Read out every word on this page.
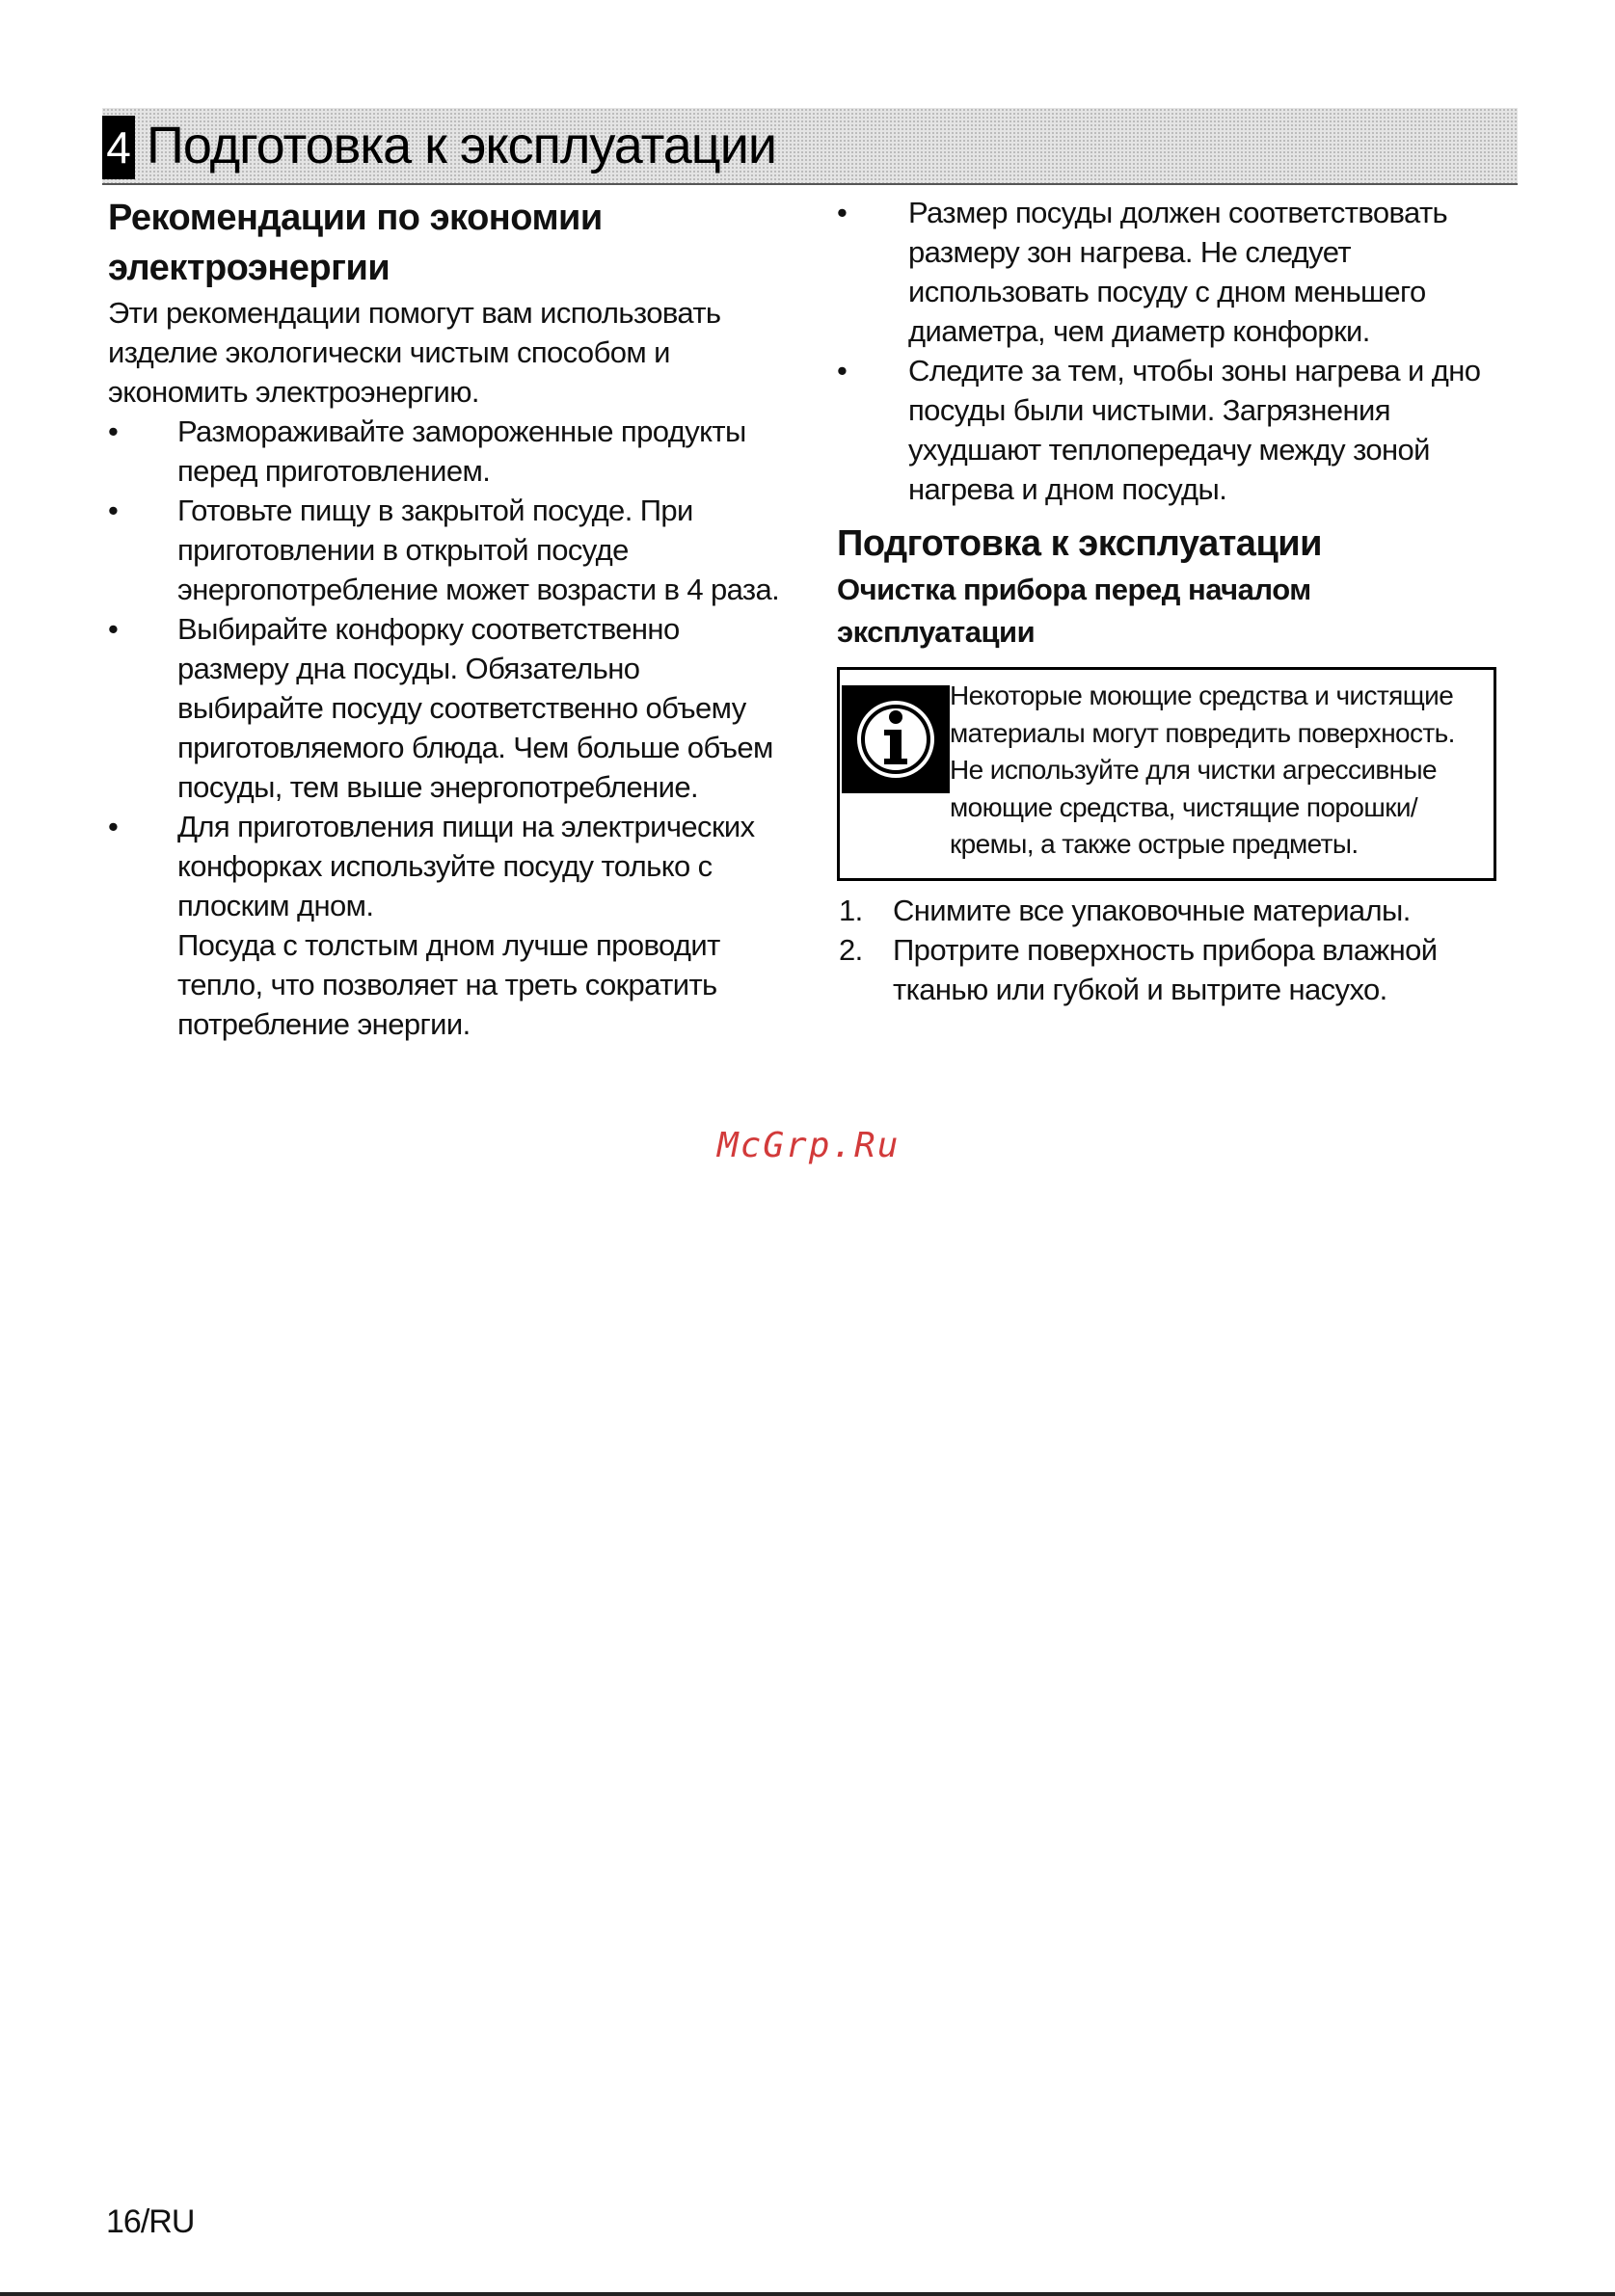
4 Подготовка к эксплуатации
Рекомендации по экономии
электроэнергии

Эти рекомендации помогут вам использовать изделие экологически чистым способом и экономить электроэнергию.

•	Размораживайте замороженные продукты перед приготовлением.
•	Готовьте пищу в закрытой посуде. При приготовлении в открытой посуде энергопотребление может возрасти в 4 раза.
•	Выбирайте конфорку соответственно размеру дна посуды. Обязательно выбирайте посуду соответственно объему приготовляемого блюда. Чем больше объем посуды, тем выше энергопотребление.
•	Для приготовления пищи на электрических конфорках используйте посуду только с плоским дном.
Посуда с толстым дном лучше проводит тепло, что позволяет на треть сократить потребление энергии.
•	Размер посуды должен соответствовать размеру зон нагрева. Не следует использовать посуду с дном меньшего диаметра, чем диаметр конфорки.
•	Следите за тем, чтобы зоны нагрева и дно посуды были чистыми. Загрязнения ухудшают теплопередачу между зоной нагрева и дном посуды.
Подготовка к эксплуатации
Очистка прибора перед началом эксплуатации
Некоторые моющие средства и чистящие материалы могут повредить поверхность. Не используйте для чистки агрессивные моющие средства, чистящие порошки/кремы, а также острые предметы.
1. Снимите все упаковочные материалы.
2. Протрите поверхность прибора влажной тканью или губкой и вытрите насухо.
McGrp.Ru
16/RU
